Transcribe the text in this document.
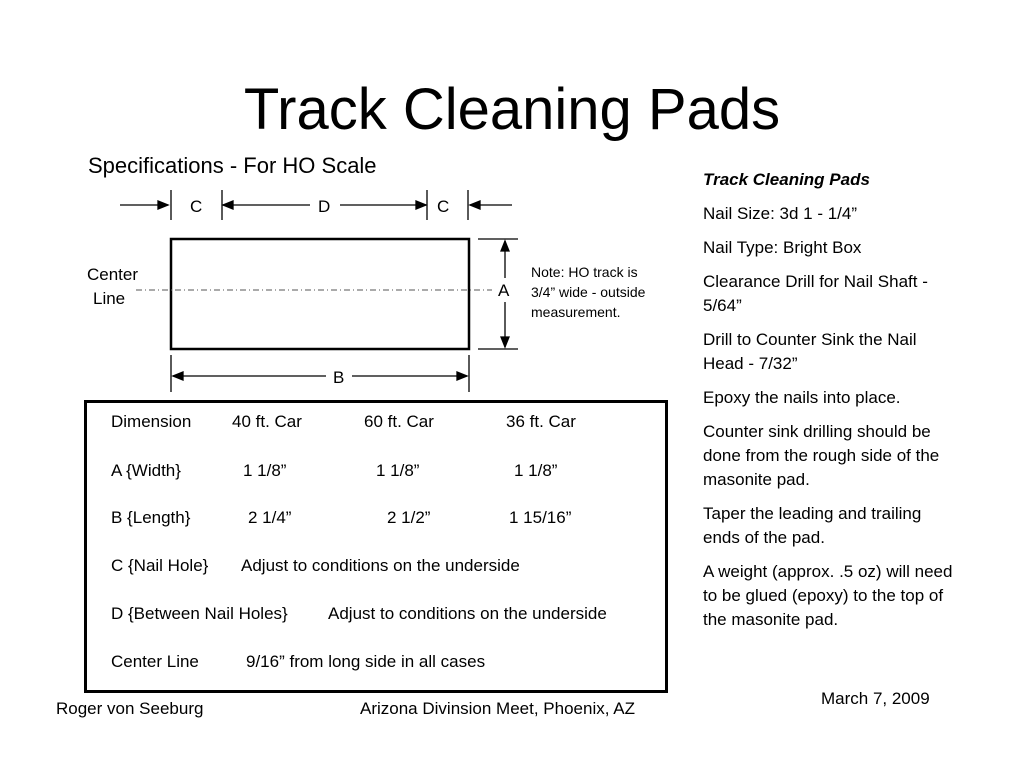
Track Cleaning Pads
Specifications - For HO Scale
C	D	C
Center
Line	A
B
Note: HO track is
3/4” wide - outside
measurement.
Dimension 40 ft. Car	60 ft. Car	36 ft. Car
A {Width}	1 1/8”	1 1/8”	1 1/8”
B {Length}	2 1/4”	2 1/2”	1 15/16”
C {Nail Hole} Adjust to conditions on the underside
D {Between Nail Holes} Adjust to conditions on the underside
Center Line	9/16” from long side in all cases

Track Cleaning Pads

Nail Size: 3d 1 - 1/4”

Nail Type: Bright Box

Clearance Drill for Nail Shaft - 5/64”

Drill to Counter Sink the Nail Head - 7/32”

Epoxy the nails into place.

Counter sink drilling should be done from the rough side of the masonite pad.

Taper the leading and trailing ends of the pad.

A weight (approx. .5 oz) will need to be glued (epoxy) to the top of the masonite pad.

March 7, 2009
Roger von Seeburg	Arizona Divinsion Meet, Phoenix, AZ
